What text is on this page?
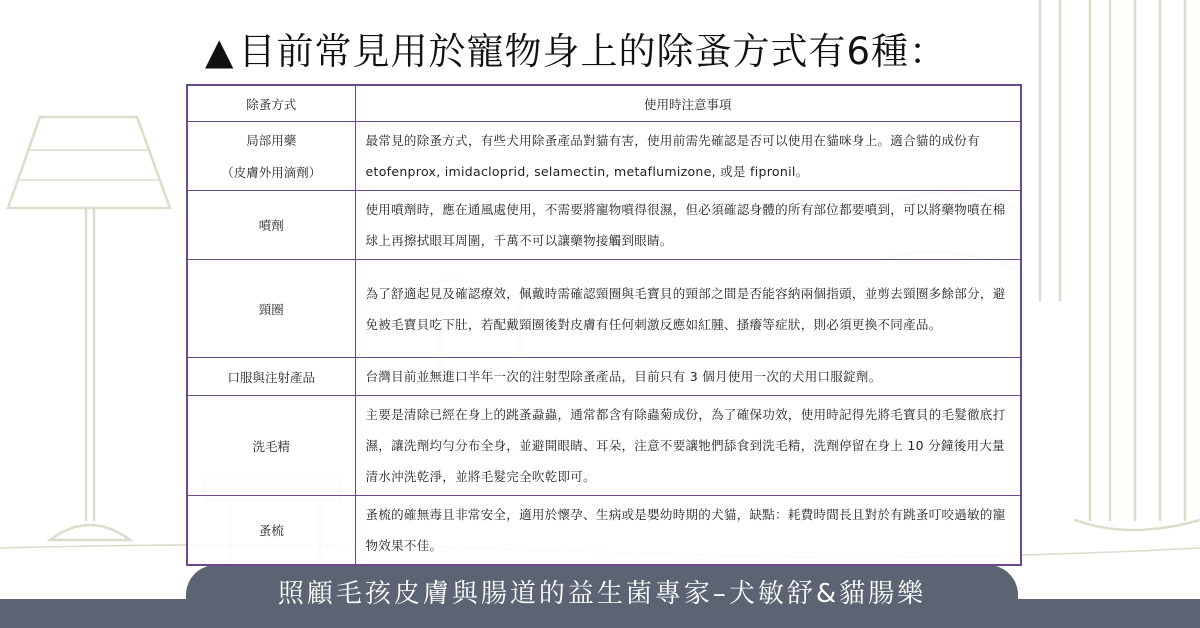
▲ 目前常見用於寵物身上的除蚤方式有6種：
除蚤方式	使用時注意事項

局部用藥
（皮膚外用滴劑）	最常見的除蚤方式，有些犬用除蚤產品對貓有害，使用前需先確認是否可以使用在貓咪身上。適合貓的成份有 etofenprox, imidacloprid, selamectin, metaflumizone, 或是 fipronil。
噴劑	使用噴劑時，應在通風處使用，不需要將寵物噴得很濕，但必須確認身體的所有部位都要噴到，可以將藥物噴在棉球上再擦拭眼耳周圍，千萬不可以讓藥物接觸到眼睛。
頸圈	為了舒適起見及確認療效，佩戴時需確認頸圈與毛寶貝的頸部之間是否能容納兩個指頭，並剪去頸圈多餘部分，避免被毛寶貝吃下肚，若配戴頸圈後對皮膚有任何刺激反應如紅腫、搔癢等症狀，則必須更換不同產品。
口服與注射產品	台灣目前並無進口半年一次的注射型除蚤產品，目前只有 3 個月使用一次的犬用口服錠劑。
洗毛精	主要是清除已經在身上的跳蚤蝨蟲，通常都含有除蟲菊成份，為了確保功效，使用時記得先將毛寶貝的毛髮徹底打濕，讓洗劑均勻分布全身，並避開眼睛、耳朵，注意不要讓牠們舔食到洗毛精，洗劑停留在身上 10 分鐘後用大量清水沖洗乾淨，並將毛髮完全吹乾即可。
蚤梳	蚤梳的確無毒且非常安全，適用於懷孕、生病或是嬰幼時期的犬貓，缺點：耗費時間長且對於有跳蚤叮咬過敏的寵物效果不佳。
照顧毛孩皮膚與腸道的益生菌專家–犬敏舒&貓腸樂
